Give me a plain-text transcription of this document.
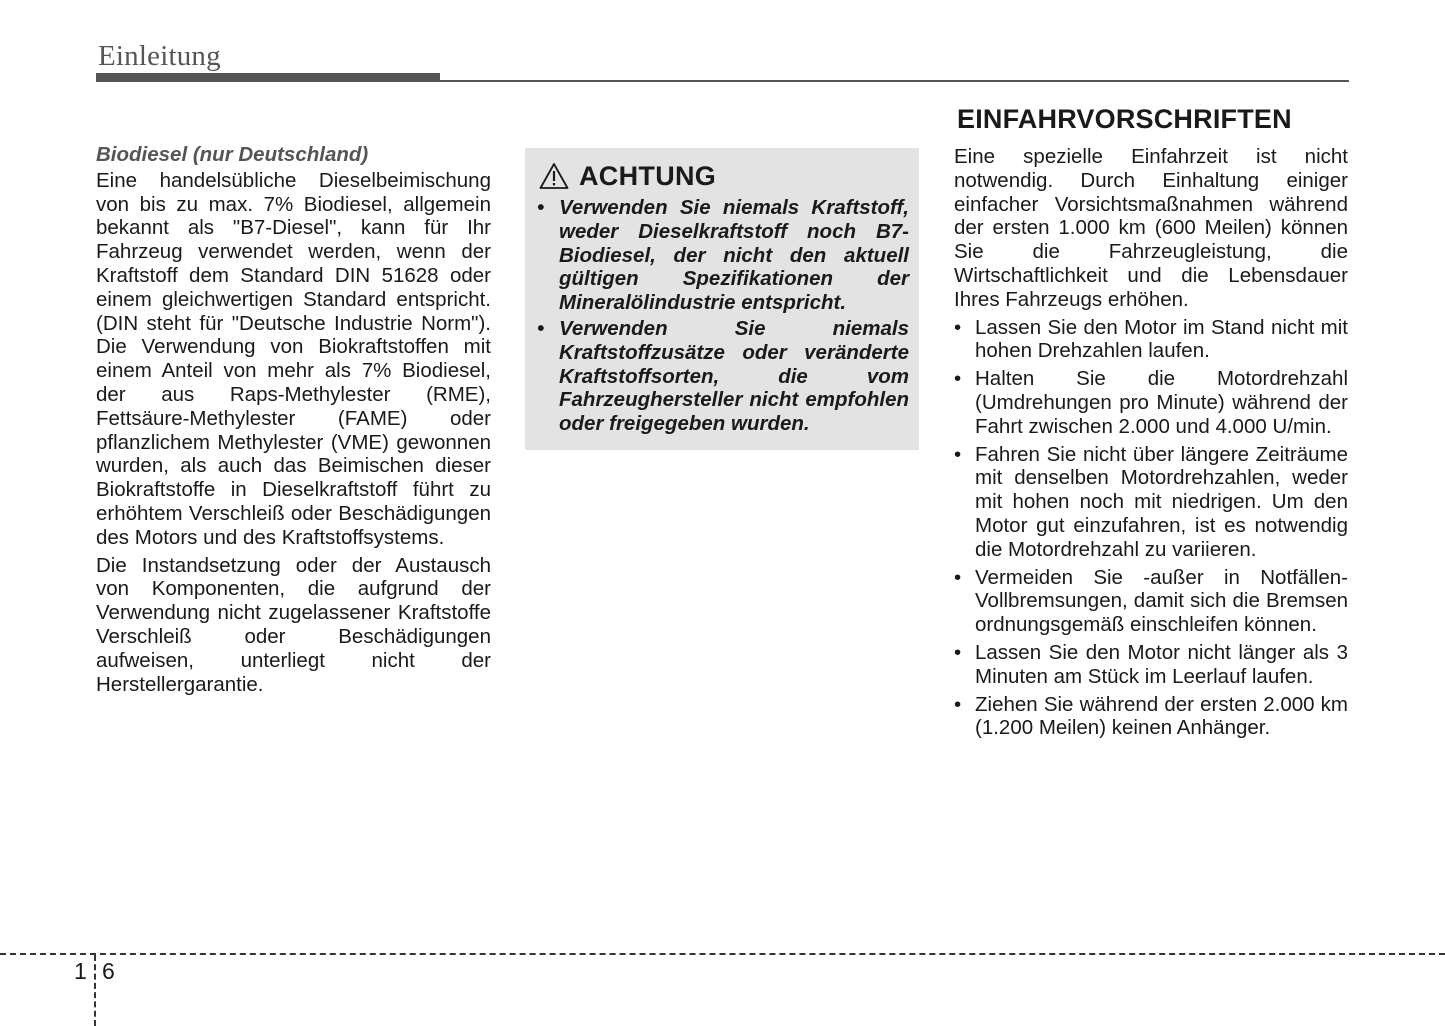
Einleitung

Biodiesel (nur Deutschland)

Eine handelsübliche Dieselbeimischung von bis zu max. 7% Biodiesel, allgemein bekannt als "B7-Diesel", kann für Ihr Fahrzeug verwendet werden, wenn der Kraftstoff dem Standard DIN 51628 oder einem gleichwertigen Standard entspricht. (DIN steht für "Deutsche Industrie Norm"). Die Verwendung von Biokraftstoffen mit einem Anteil von mehr als 7% Biodiesel, der aus Raps-Methylester (RME), Fettsäure-Methylester (FAME) oder pflanzlichem Methylester (VME) gewonnen wurden, als auch das Beimischen dieser Biokraftstoffe in Dieselkraftstoff führt zu erhöhtem Verschleiß oder Beschädigungen des Motors und des Kraftstoffsystems.

Die Instandsetzung oder der Austausch von Komponenten, die aufgrund der Verwendung nicht zugelassener Kraftstoffe Verschleiß oder Beschädigungen aufweisen, unterliegt nicht der Herstellergarantie.

ACHTUNG
• Verwenden Sie niemals Kraftstoff, weder Dieselkraftstoff noch B7-Biodiesel, der nicht den aktuell gültigen Spezifikationen der Mineralölindustrie entspricht.
• Verwenden Sie niemals Kraftstoffzusätze oder veränderte Kraftstoffsorten, die vom Fahrzeughersteller nicht empfohlen oder freigegeben wurden.
EINFAHRVORSCHRIFTEN

Eine spezielle Einfahrzeit ist nicht notwendig. Durch Einhaltung einiger einfacher Vorsichtsmaßnahmen während der ersten 1.000 km (600 Meilen) können Sie die Fahrzeugleistung, die Wirtschaftlichkeit und die Lebensdauer Ihres Fahrzeugs erhöhen.

• Lassen Sie den Motor im Stand nicht mit hohen Drehzahlen laufen.
• Halten Sie die Motordrehzahl (Umdrehungen pro Minute) während der Fahrt zwischen 2.000 und 4.000 U/min.
• Fahren Sie nicht über längere Zeiträume mit denselben Motordrehzahlen, weder mit hohen noch mit niedrigen. Um den Motor gut einzufahren, ist es notwendig die Motordrehzahl zu variieren.
• Vermeiden Sie -außer in Notfällen- Vollbremsungen, damit sich die Bremsen ordnungsgemäß einschleifen können.
• Lassen Sie den Motor nicht länger als 3 Minuten am Stück im Leerlauf laufen.
• Ziehen Sie während der ersten 2.000 km (1.200 Meilen) keinen Anhänger.
1 6
